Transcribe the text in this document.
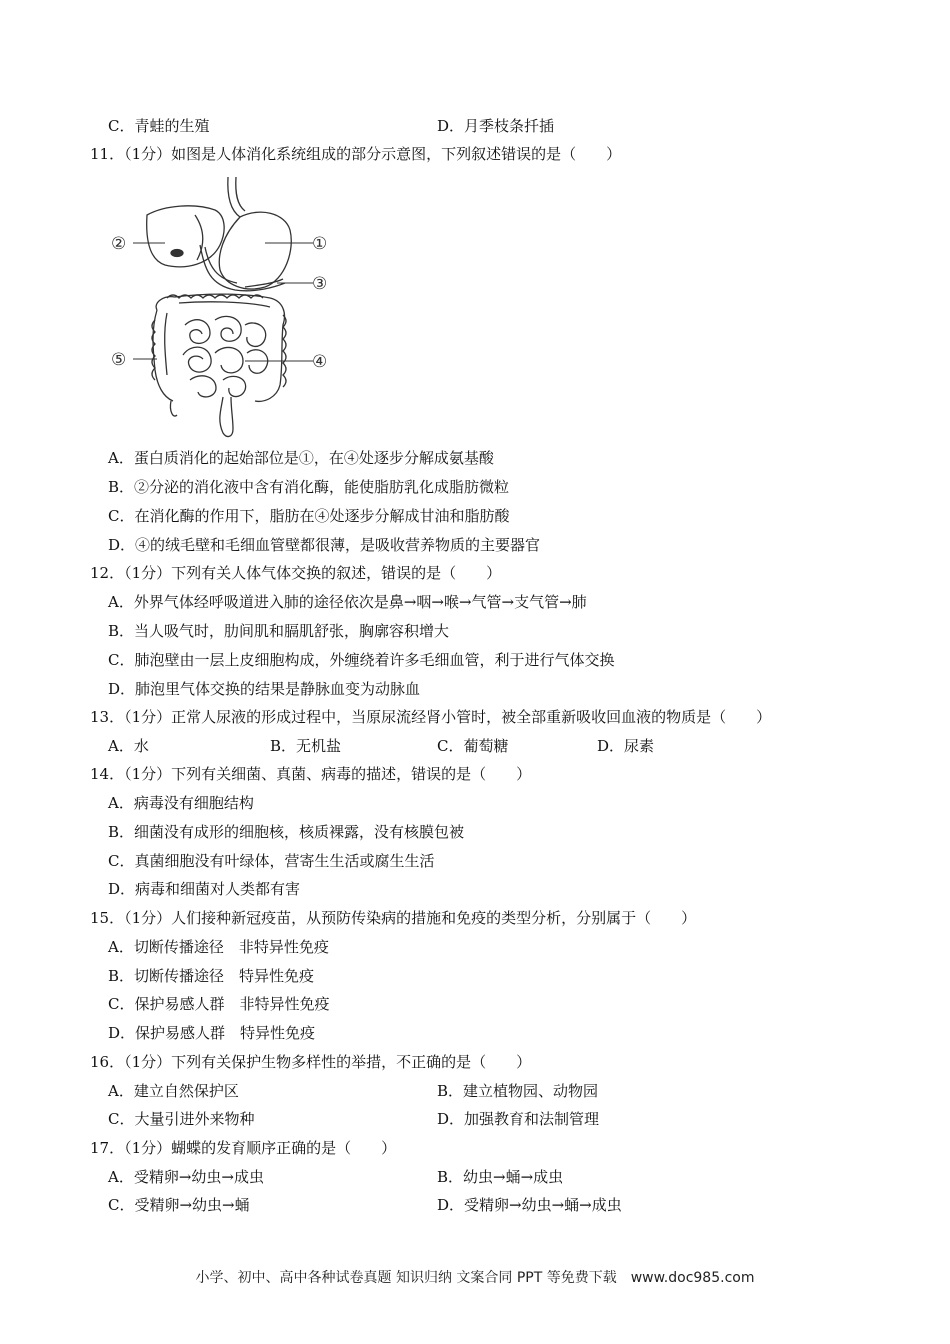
C．青蛙的生殖	D．月季枝条扦插
11．（1分）如图是人体消化系统组成的部分示意图，下列叙述错误的是（　　）
①
②
③
④
⑤
A．蛋白质消化的起始部位是①，在④处逐步分解成氨基酸
B．②分泌的消化液中含有消化酶，能使脂肪乳化成脂肪微粒
C．在消化酶的作用下，脂肪在④处逐步分解成甘油和脂肪酸
D．④的绒毛壁和毛细血管壁都很薄，是吸收营养物质的主要器官
12．（1分）下列有关人体气体交换的叙述，错误的是（　　）
A．外界气体经呼吸道进入肺的途径依次是鼻→咽→喉→气管→支气管→肺
B．当人吸气时，肋间肌和膈肌舒张，胸廓容积增大
C．肺泡壁由一层上皮细胞构成，外缠绕着许多毛细血管，利于进行气体交换
D．肺泡里气体交换的结果是静脉血变为动脉血
13．（1分）正常人尿液的形成过程中，当原尿流经肾小管时，被全部重新吸收回血液的物质是（　　）
A．水	B．无机盐	C．葡萄糖	D．尿素
14．（1分）下列有关细菌、真菌、病毒的描述，错误的是（　　）
A．病毒没有细胞结构
B．细菌没有成形的细胞核，核质裸露，没有核膜包被
C．真菌细胞没有叶绿体，营寄生生活或腐生生活
D．病毒和细菌对人类都有害
15．（1分）人们接种新冠疫苗，从预防传染病的措施和免疫的类型分析，分别属于（　　）
A．切断传播途径　非特异性免疫
B．切断传播途径　特异性免疫
C．保护易感人群　非特异性免疫
D．保护易感人群　特异性免疫
16．（1分）下列有关保护生物多样性的举措，不正确的是（　　）
A．建立自然保护区	B．建立植物园、动物园
C．大量引进外来物种	D．加强教育和法制管理
17．（1分）蝴蝶的发育顺序正确的是（　　）
A．受精卵→幼虫→成虫	B．幼虫→蛹→成虫
C．受精卵→幼虫→蛹	D．受精卵→幼虫→蛹→成虫
小学、初中、高中各种试卷真题 知识归纳 文案合同 PPT 等免费下载　www.doc985.com
